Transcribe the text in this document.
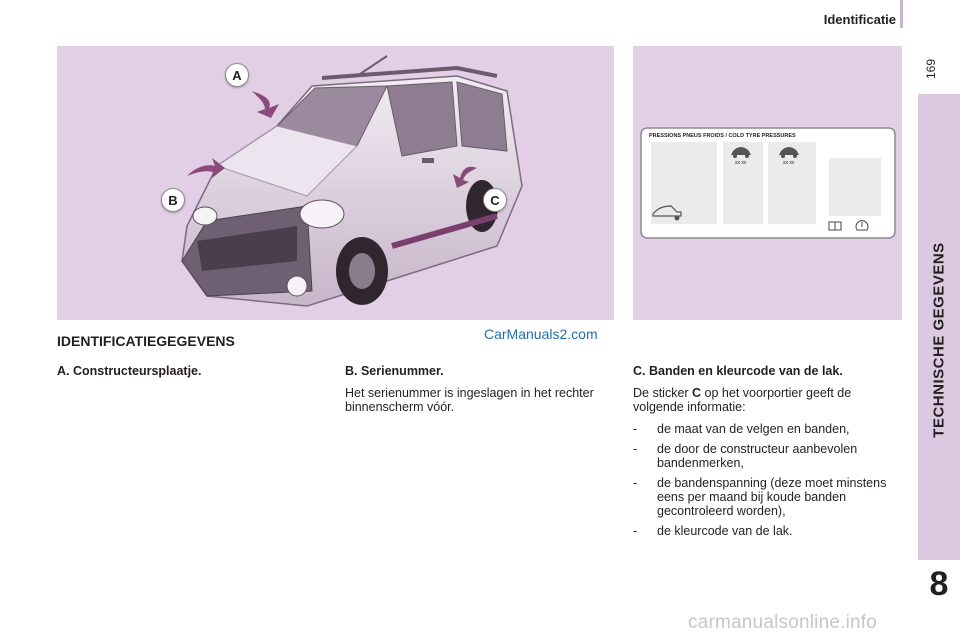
Identificatie
169
TECHNISCHE GEGEVENS
8
A
B	C
PRESSIONS PNEUS FROIDS / COLD TYRE PRESSURES
xx xx	xx xx
CarManuals2.com
IDENTIFICATIEGEGEVENS
A. Constructeursplaatje.	B. Serienummer.

Het serienummer is ingeslagen in het rechter binnenscherm vóór.

C. Banden en kleurcode van de lak.

De sticker C op het voorportier geeft de volgende informatie:

- de maat van de velgen en banden,
- de door de constructeur aanbevolen bandenmerken,
- de bandenspanning (deze moet minstens eens per maand bij koude banden gecontroleerd worden),
- de kleurcode van de lak.
carmanualsonline.info
